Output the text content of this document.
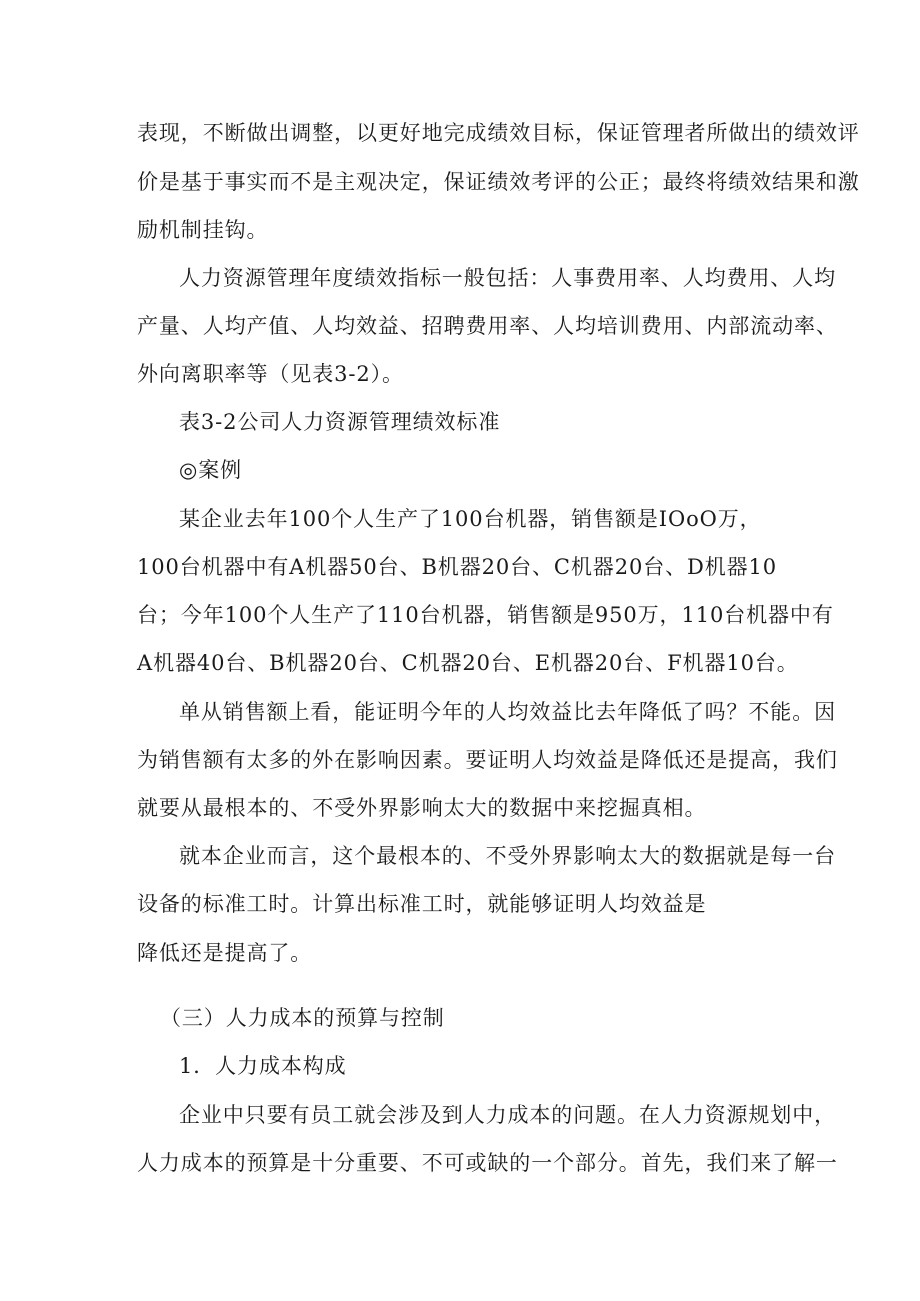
表现，不断做出调整，以更好地完成绩效目标，保证管理者所做出的绩效评
价是基于事实而不是主观决定，保证绩效考评的公正；最终将绩效结果和激
励机制挂钩。
人力资源管理年度绩效指标一般包括：人事费用率、人均费用、人均
产量、人均产值、人均效益、招聘费用率、人均培训费用、内部流动率、
外向离职率等（见表3-2）。
表3-2公司人力资源管理绩效标准
◎案例
某企业去年100个人生产了100台机器，销售额是IOoO万，
100台机器中有A机器50台、B机器20台、C机器20台、D机器10
台；今年100个人生产了110台机器，销售额是950万，110台机器中有
A机器40台、B机器20台、C机器20台、E机器20台、F机器10台。
单从销售额上看，能证明今年的人均效益比去年降低了吗？不能。因
为销售额有太多的外在影响因素。要证明人均效益是降低还是提高，我们
就要从最根本的、不受外界影响太大的数据中来挖掘真相。
就本企业而言，这个最根本的、不受外界影响太大的数据就是每一台
设备的标准工时。计算出标准工时，就能够证明人均效益是
降低还是提高了。
（三）人力成本的预算与控制
1．人力成本构成
企业中只要有员工就会涉及到人力成本的问题。在人力资源规划中，
人力成本的预算是十分重要、不可或缺的一个部分。首先，我们来了解一
